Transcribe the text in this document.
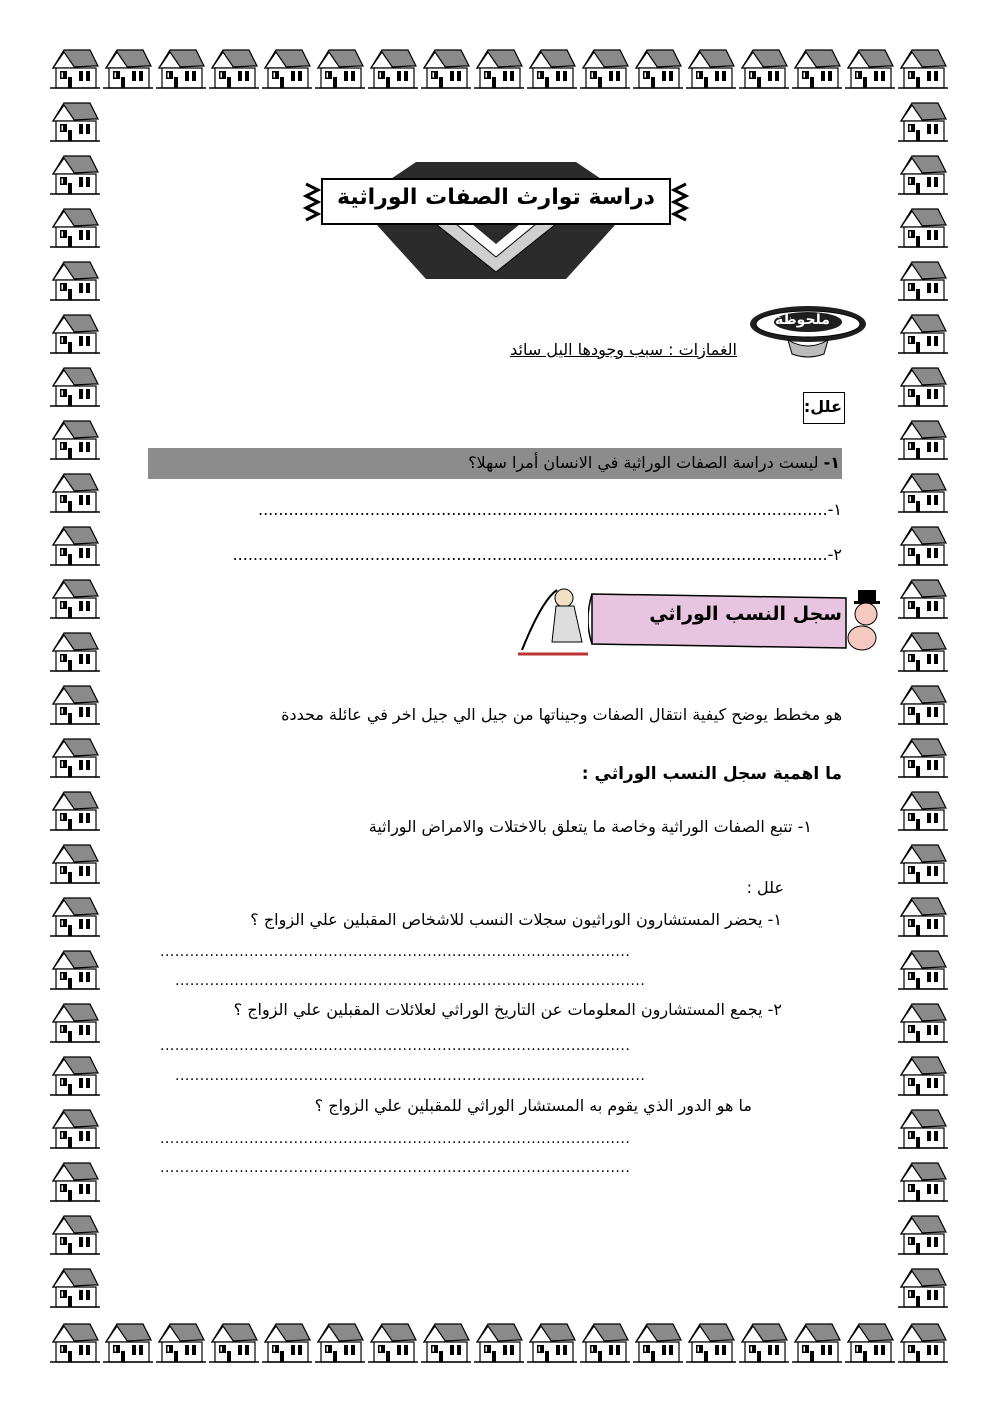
دراسة توارث الصفات الوراثية
ملحوظة
الغمازات : سبب وجودها اليل سائد
علل:
١- ليست دراسة الصفات الوراثية في الانسان أمرا سهلا؟
١-................................................................................................................
٢-.....................................................................................................................
سجل النسب الوراثي
هو مخطط يوضح كيفية انتقال الصفات وجيناتها من جيل الي جيل اخر في عائلة محددة
ما اهمية سجل النسب الوراثي :
١- تتبع الصفات الوراثية وخاصة ما يتعلق بالاختلات والامراض الوراثية
علل :
١- يحضر المستشارون الوراثيون سجلات النسب للاشخاص المقبلين علي الزواج ؟
...............................................................................................
...............................................................................................
٢- يجمع المستشارون المعلومات عن التاريخ الوراثي لعلائلات المقبلين علي الزواج ؟
...............................................................................................
...............................................................................................
ما هو الدور الذي يقوم به المستشار الوراثي للمقبلين علي الزواج ؟
...............................................................................................
...............................................................................................
